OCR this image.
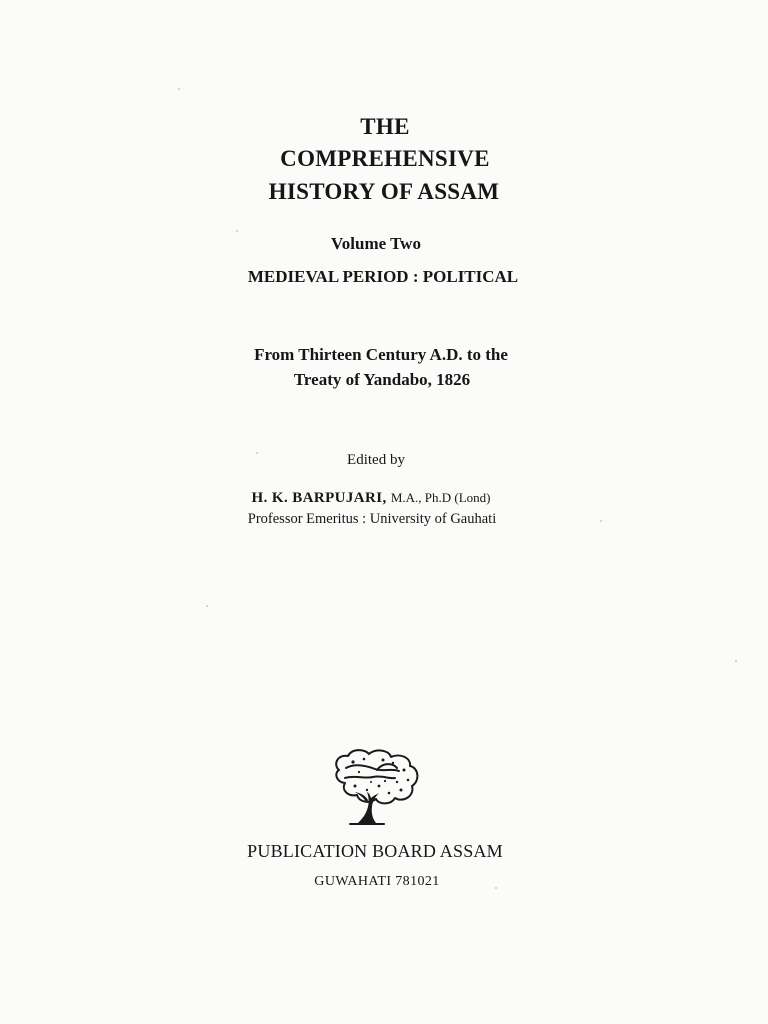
THE
COMPREHENSIVE
HISTORY OF ASSAM
Volume Two
MEDIEVAL PERIOD : POLITICAL
From Thirteen Century A.D. to the
Treaty of Yandabo, 1826
Edited by
H. K. BARPUJARI, M.A., Ph.D (Lond)
Professor Emeritus : University of Gauhati
PUBLICATION BOARD ASSAM
GUWAHATI 781021
